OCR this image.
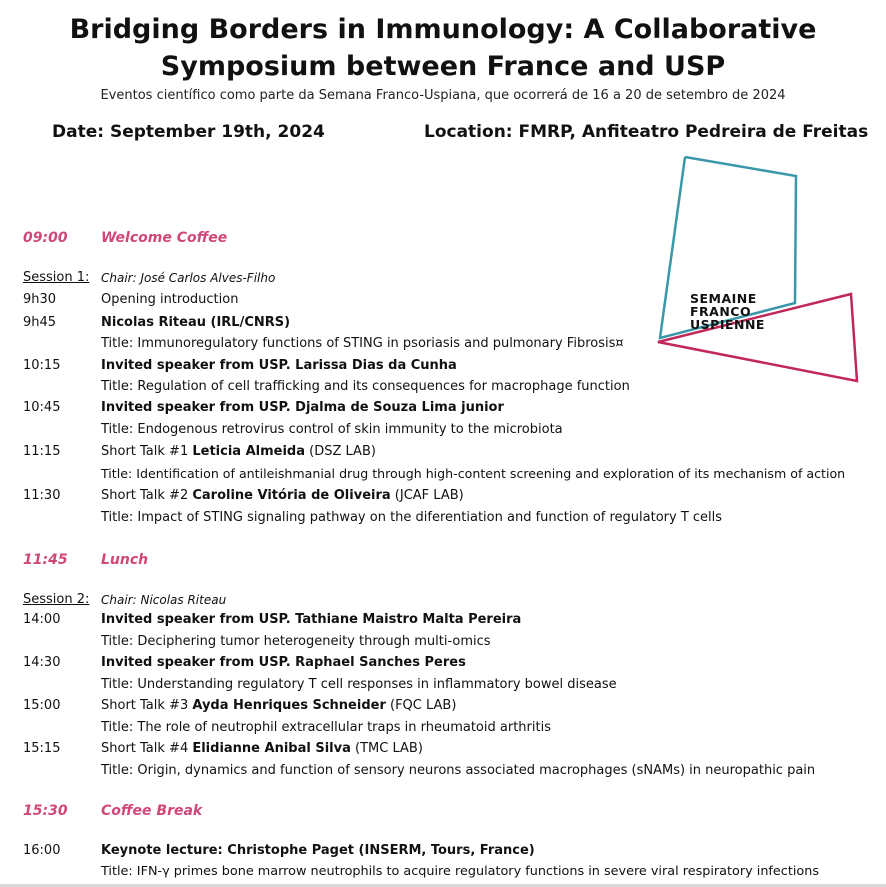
Bridging Borders in Immunology: A Collaborative
Symposium between France and USP
Eventos científico como parte da Semana Franco-Uspiana, que ocorrerá de 16 a 20 de setembro de 2024
Date: September 19th, 2024	Location: FMRP, Anfiteatro Pedreira de Freitas
SEMAINE
FRANCO
USPIENNE
09:00 Welcome Coffee
Session 1: Chair: José Carlos Alves-Filho
9h30	Opening introduction
9h45	Nicolas Riteau (IRL/CNRS)
Title: Immunoregulatory functions of STING in psoriasis and pulmonary Fibrosis¤
10:15	Invited speaker from USP. Larissa Dias da Cunha
Title: Regulation of cell trafficking and its consequences for macrophage function
10:45	Invited speaker from USP. Djalma de Souza Lima junior
Title: Endogenous retrovirus control of skin immunity to the microbiota
11:15	Short Talk #1 Leticia Almeida (DSZ LAB)
Title: Identification of antileishmanial drug through high-content screening and exploration of its mechanism of action
11:30	Short Talk #2 Caroline Vitória de Oliveira (JCAF LAB)
Title: Impact of STING signaling pathway on the diferentiation and function of regulatory T cells
11:45 Lunch
Session 2: Chair: Nicolas Riteau
14:00	Invited speaker from USP. Tathiane Maistro Malta Pereira
Title: Deciphering tumor heterogeneity through multi-omics
14:30	Invited speaker from USP. Raphael Sanches Peres
Title: Understanding regulatory T cell responses in inflammatory bowel disease
15:00	Short Talk #3 Ayda Henriques Schneider (FQC LAB)
Title: The role of neutrophil extracellular traps in rheumatoid arthritis
15:15	Short Talk #4 Elidianne Anibal Silva (TMC LAB)
Title: Origin, dynamics and function of sensory neurons associated macrophages (sNAMs) in neuropathic pain
15:30 Coffee Break
16:00	Keynote lecture: Christophe Paget (INSERM, Tours, France)
Title: IFN-γ primes bone marrow neutrophils to acquire regulatory functions in severe viral respiratory infections
